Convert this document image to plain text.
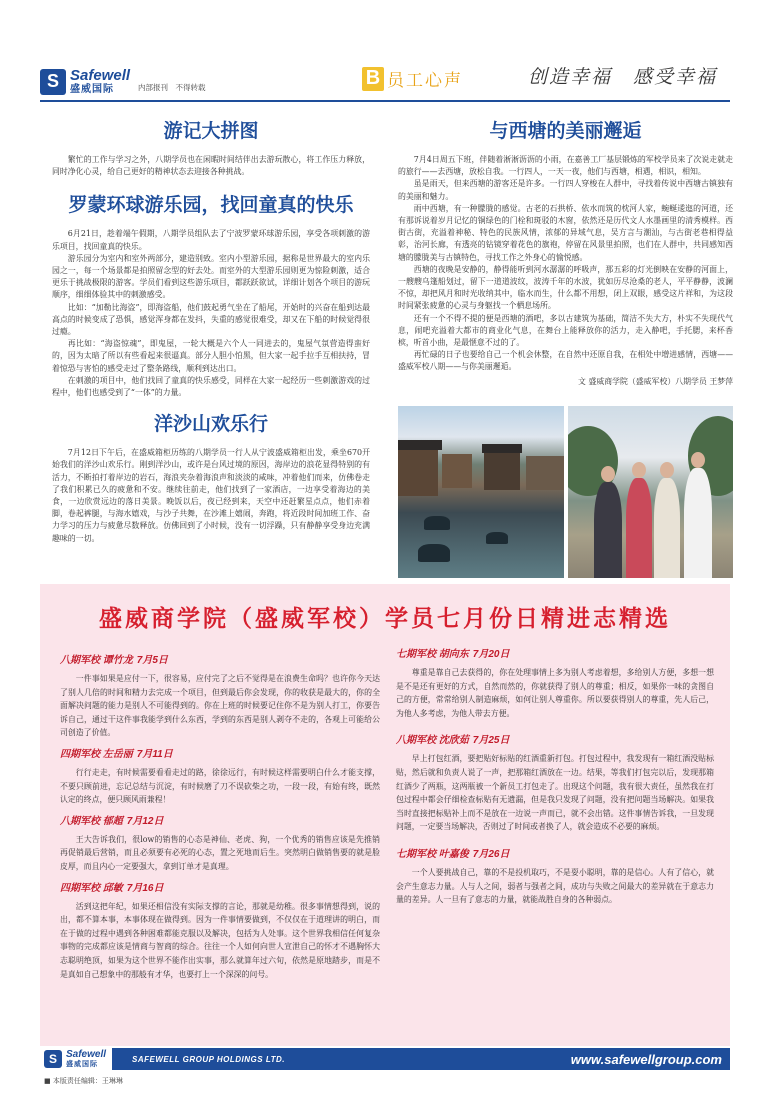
S Safewell
盛威国际	内部报刊　不得转载	B 员工心声	创造幸福　感受幸福
游记大拼图

繁忙的工作与学习之外，八期学员也在闲暇时间结伴出去游玩散心，将工作压力释放，同时净化心灵，给自己更好的精神状态去迎接各种挑战。

罗蒙环球游乐园，找回童真的快乐

6月21日，趁着端午假期，八期学员组队去了宁波罗蒙环球游乐园，享受各项刺激的游乐项目，找回童真的快乐。

游乐园分为室内和室外两部分，建造别致。室内小型游乐园，据称是世界最大的室内乐园之一，每一个场景都是拍照留念型的好去处。而室外的大型游乐园则更为惊险刺激，适合更乐于挑战极限的游客。学员们看到这些游乐项目，都跃跃欲试，详细计划各个项目的游玩顺序，细细体验其中的刺激感受。

比如：“加勒比海盗”，即海盗船，他们鼓起勇气坐在了船尾，开始时的兴奋在船到达最高点的时候变成了恐惧，感觉浑身都在发抖，失重的感觉很难受，却又在下船的时候觉得很过瘾。

再比如：“海盗惊魂”，即鬼屋，一轮大概是六个人一同进去的，鬼屋气氛营造得蛮好的，因为太暗了所以有些看起来很逼真。部分人胆小怕黑，但大家一起手拉手互相扶持，冒着惊恐与害怕的感受走过了整条路线，顺利到达出口。

在刺激的项目中，他们找回了童真的快乐感受，同样在大家一起经历一些刺激游戏的过程中，他们也感受到了“一体”的力量。

洋沙山欢乐行

7月12日下午后，在盛威箱柜历练的八期学员一行人从宁波盛威箱柜出发，乘坐670开始我们的洋沙山欢乐行。刚到洋沙山，或许是台风过境的原因，海岸边的浪花显得特别的有活力，不断拍打着岸边的岩石，海浪夹杂着海浪声和淡淡的咸味，冲着他们而来，仿佛卷走了我们积累已久的疲惫和不安。继续往前走，他们找到了一家酒店，一边享受着海边的美食，一边欣赏远边的落日美景。晚饭以后，夜已经到来，天空中还赶繁星点点，他们赤着脚，卷起裤腿，与海水嬉戏，与沙子共舞，在沙滩上嬉闹，奔跑，将近段时间加班工作、奋力学习的压力与疲惫尽数释放。仿佛回到了小时候，没有一切浮躁，只有静静享受身边充满趣味的一切。

与西塘的美丽邂逅

7月4日周五下班，伴随着淅淅沥沥的小雨，在嘉善工厂基层锻炼的军校学员来了次说走就走的旅行——去西塘，放松自我。一行四人，一天一夜，他们与西塘，相遇，相识，相知。

虽是雨天，但来西塘的游客还是许多。一行四人穿梭在人群中，寻找着传说中西塘古镇独有的美丽和魅力。

雨中西塘，有一种朦胧的感觉。古老的石拱桥、依水而筑的枕河人家，蜿蜒逶迤的河道，还有那诉说着岁月记忆的铜绿色的门栓和斑驳的木窗，依然还是历代文人水墨画里的清秀模样。西街古街，充溢着神秘、特色的民族风情，浓郁的异域气息，吴方言与潮汕，与古街老巷相得益彰，治河长廊，有透亮的钻镜穿着花色的旗袍，停留在风景里拍照，也们在人群中，共同感知西塘的朦胧美与古镇特色，寻找工作之外身心的愉悦感。

西塘的夜晚是安静的，静得能听到河水潺潺的呼吸声，那五彩的灯光倒映在安静的河面上，一艘艘乌篷船划过，留下一道道波纹，波涛千年的水波，犹如历尽沧桑的老人，平平静静，波澜不惊，却把风月和时光收纳其中，临水而生，什么都不用想，闭上双眼，感受这片祥和，为这段时间紧张疲惫的心灵与身躯找一个栖息场所。

还有一个不得不提的便是西塘的酒吧，多以古建筑为基础，简洁不失大方，朴实不失现代气息，闹吧充溢着大都市的商业化气息，在舞台上能释放你的活力，走入静吧，手托腮，来杯香槟，听首小曲，是最惬意不过的了。

再忙碌的日子也要给自己一个机会休整，在自然中还原自我，在相处中增进感情，西塘——盛威军校八期——与你美丽邂逅。

文 盛威商学院（盛威军校）八期学员 王梦萍
盛威商学院（盛威军校）学员七月份日精进志精选
八期军校 谭竹龙 7月5日

一件事如果是应付一下，很容易，应付完了之后不觉得是在浪费生命吗？也许你今天达了别人几倍的时间和精力去完成一个项目，但到最后你会发现，你的收获是最大的，你的全面解决问题的能力是别人不可能得到的。你在上班的时候要记住你不是为别人打工，你要告诉自己，通过干这件事我能学到什么东西，学到的东西是别人剥夺不走的，各观上可能给公司创造了价值。

四期军校 左岳丽 7月11日

行行走走，有时候需要看看走过的路，徐徐远行，有时候这样需要明白什么才能支撑，不要只顾前进，忘记总结与沉淀，有时候磨了刀不误砍柴之功，一段一段，有始有终，既然认定的终点，便只顾风雨兼程！

八期军校 郁超 7月12日

王大告诉我们，很low的销售的心态是神仙、老虎、狗，一个优秀的销售应该是先推销再促销最后营销，而且必须要有必死的心态，置之死地而后生。突然明白做销售要的就是脸皮厚，而且内心一定要强大，拿到订单才是真理。

四期军校 邱敏 7月16日

活到这把年纪，如果还相信没有实际支撑的言论，那就是幼稚。很多事情想得到，说的出，都不算本事，本事体现在做得到。因为一件事情要做到，不仅仅在于道理讲的明白，而在于做的过程中遇到各种困难都能克服以及解决，包括为人处事。这个世界我相信任何复杂事物的完成都应该是情商与智商的综合。往往一个人如何向世人宣泄自己的怀才不遇胸怀大志聪明绝顶，如果为这个世界不能作出实事，那么就算年过六旬，依然是原地踏步，而是不是真如自己想象中的那般有才华，也要打上一个深深的问号。

七期军校 胡向东 7月20日

尊重是靠自己去获得的，你在处理事情上多为别人考虑着想，多给别人方便，多想一想是不是还有更好的方式，自然而然的，你就获得了别人的尊重；相反，如果你一味的贪图自己的方便，常常给别人制造麻烦，如何让别人尊重你。所以要获得别人的尊重，先人后己，为他人多考虑，为他人带去方便。

八期军校 沈欣茹 7月25日

早上打包红酒，要把贴好标贴的红酒重新打包。打包过程中，我发现有一箱红酒没贴标贴，然后就和负责人说了一声，把那箱红酒放在一边。结果，等我们打包完以后，发现那箱红酒少了两瓶，这两瓶被一个新员工打包走了。出现这个问题，我有很大责任，虽然我在打包过程中都会仔细检查标贴有无遗漏，但是我只发现了问题，没有把问题当场解决。如果我当时直接把标贴补上而不是放在一边说一声而已，就不会出错。这件事情告诉我，一旦发现问题，一定要当场解决，否则过了时间或者换了人，就会造成不必要的麻烦。

七期军校 叶嘉俊 7月26日

一个人要挑战自己，靠的不是投机取巧，不是耍小聪明，靠的是信心。人有了信心，就会产生意志力量。人与人之间，弱者与强者之间，成功与失败之间最大的差异就在于意志力量的差异。人一旦有了意志的力量，就能战胜自身的各种弱点。

S Safewell
盛威国际
SAFEWELL GROUP HOLDINGS LTD.	www.safewellgroup.com
■ 本版责任编辑：王琳琳
